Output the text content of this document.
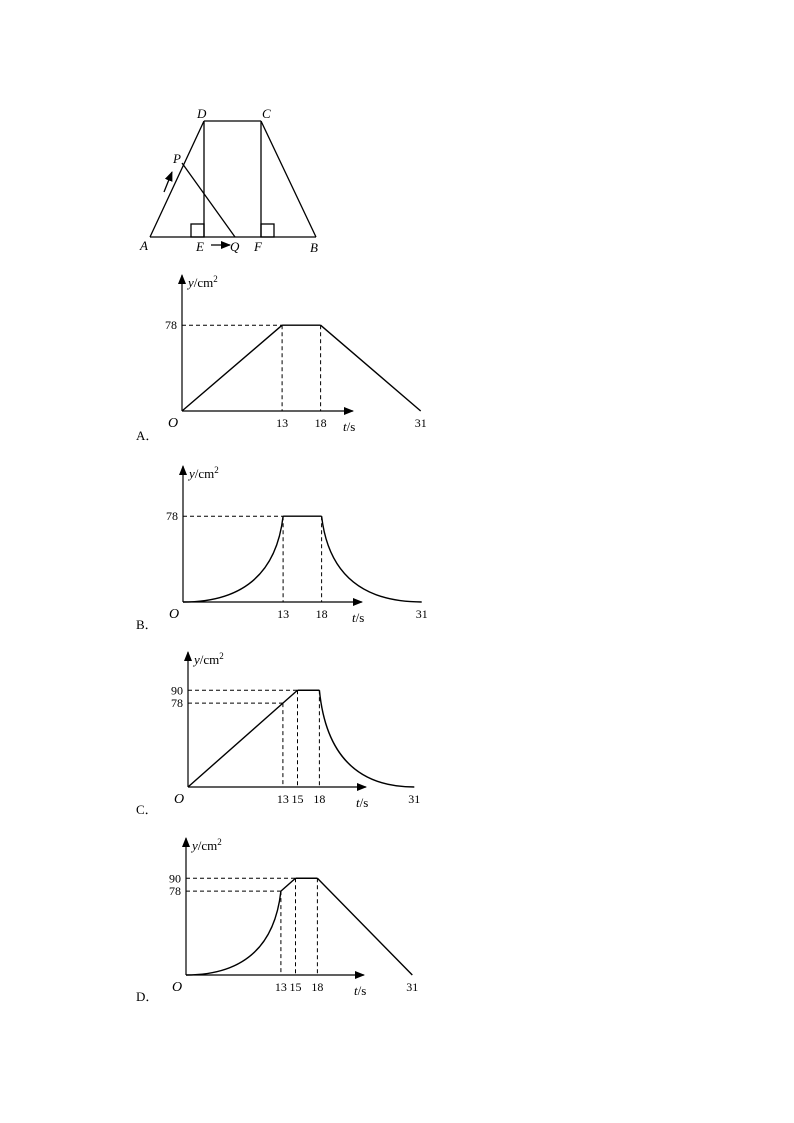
A	B
C
D
E	F
P
Q
13 18	31
78
O
$y/cm^2$
t/s
13 18	31
78
O
$y/cm^2$
t/s
13 15 18	31
90
78
O
$y/cm^2$
t/s
13 15 18	31
90
78
O
$y/cm^2$
t/s
A．
B．
C．
D．
